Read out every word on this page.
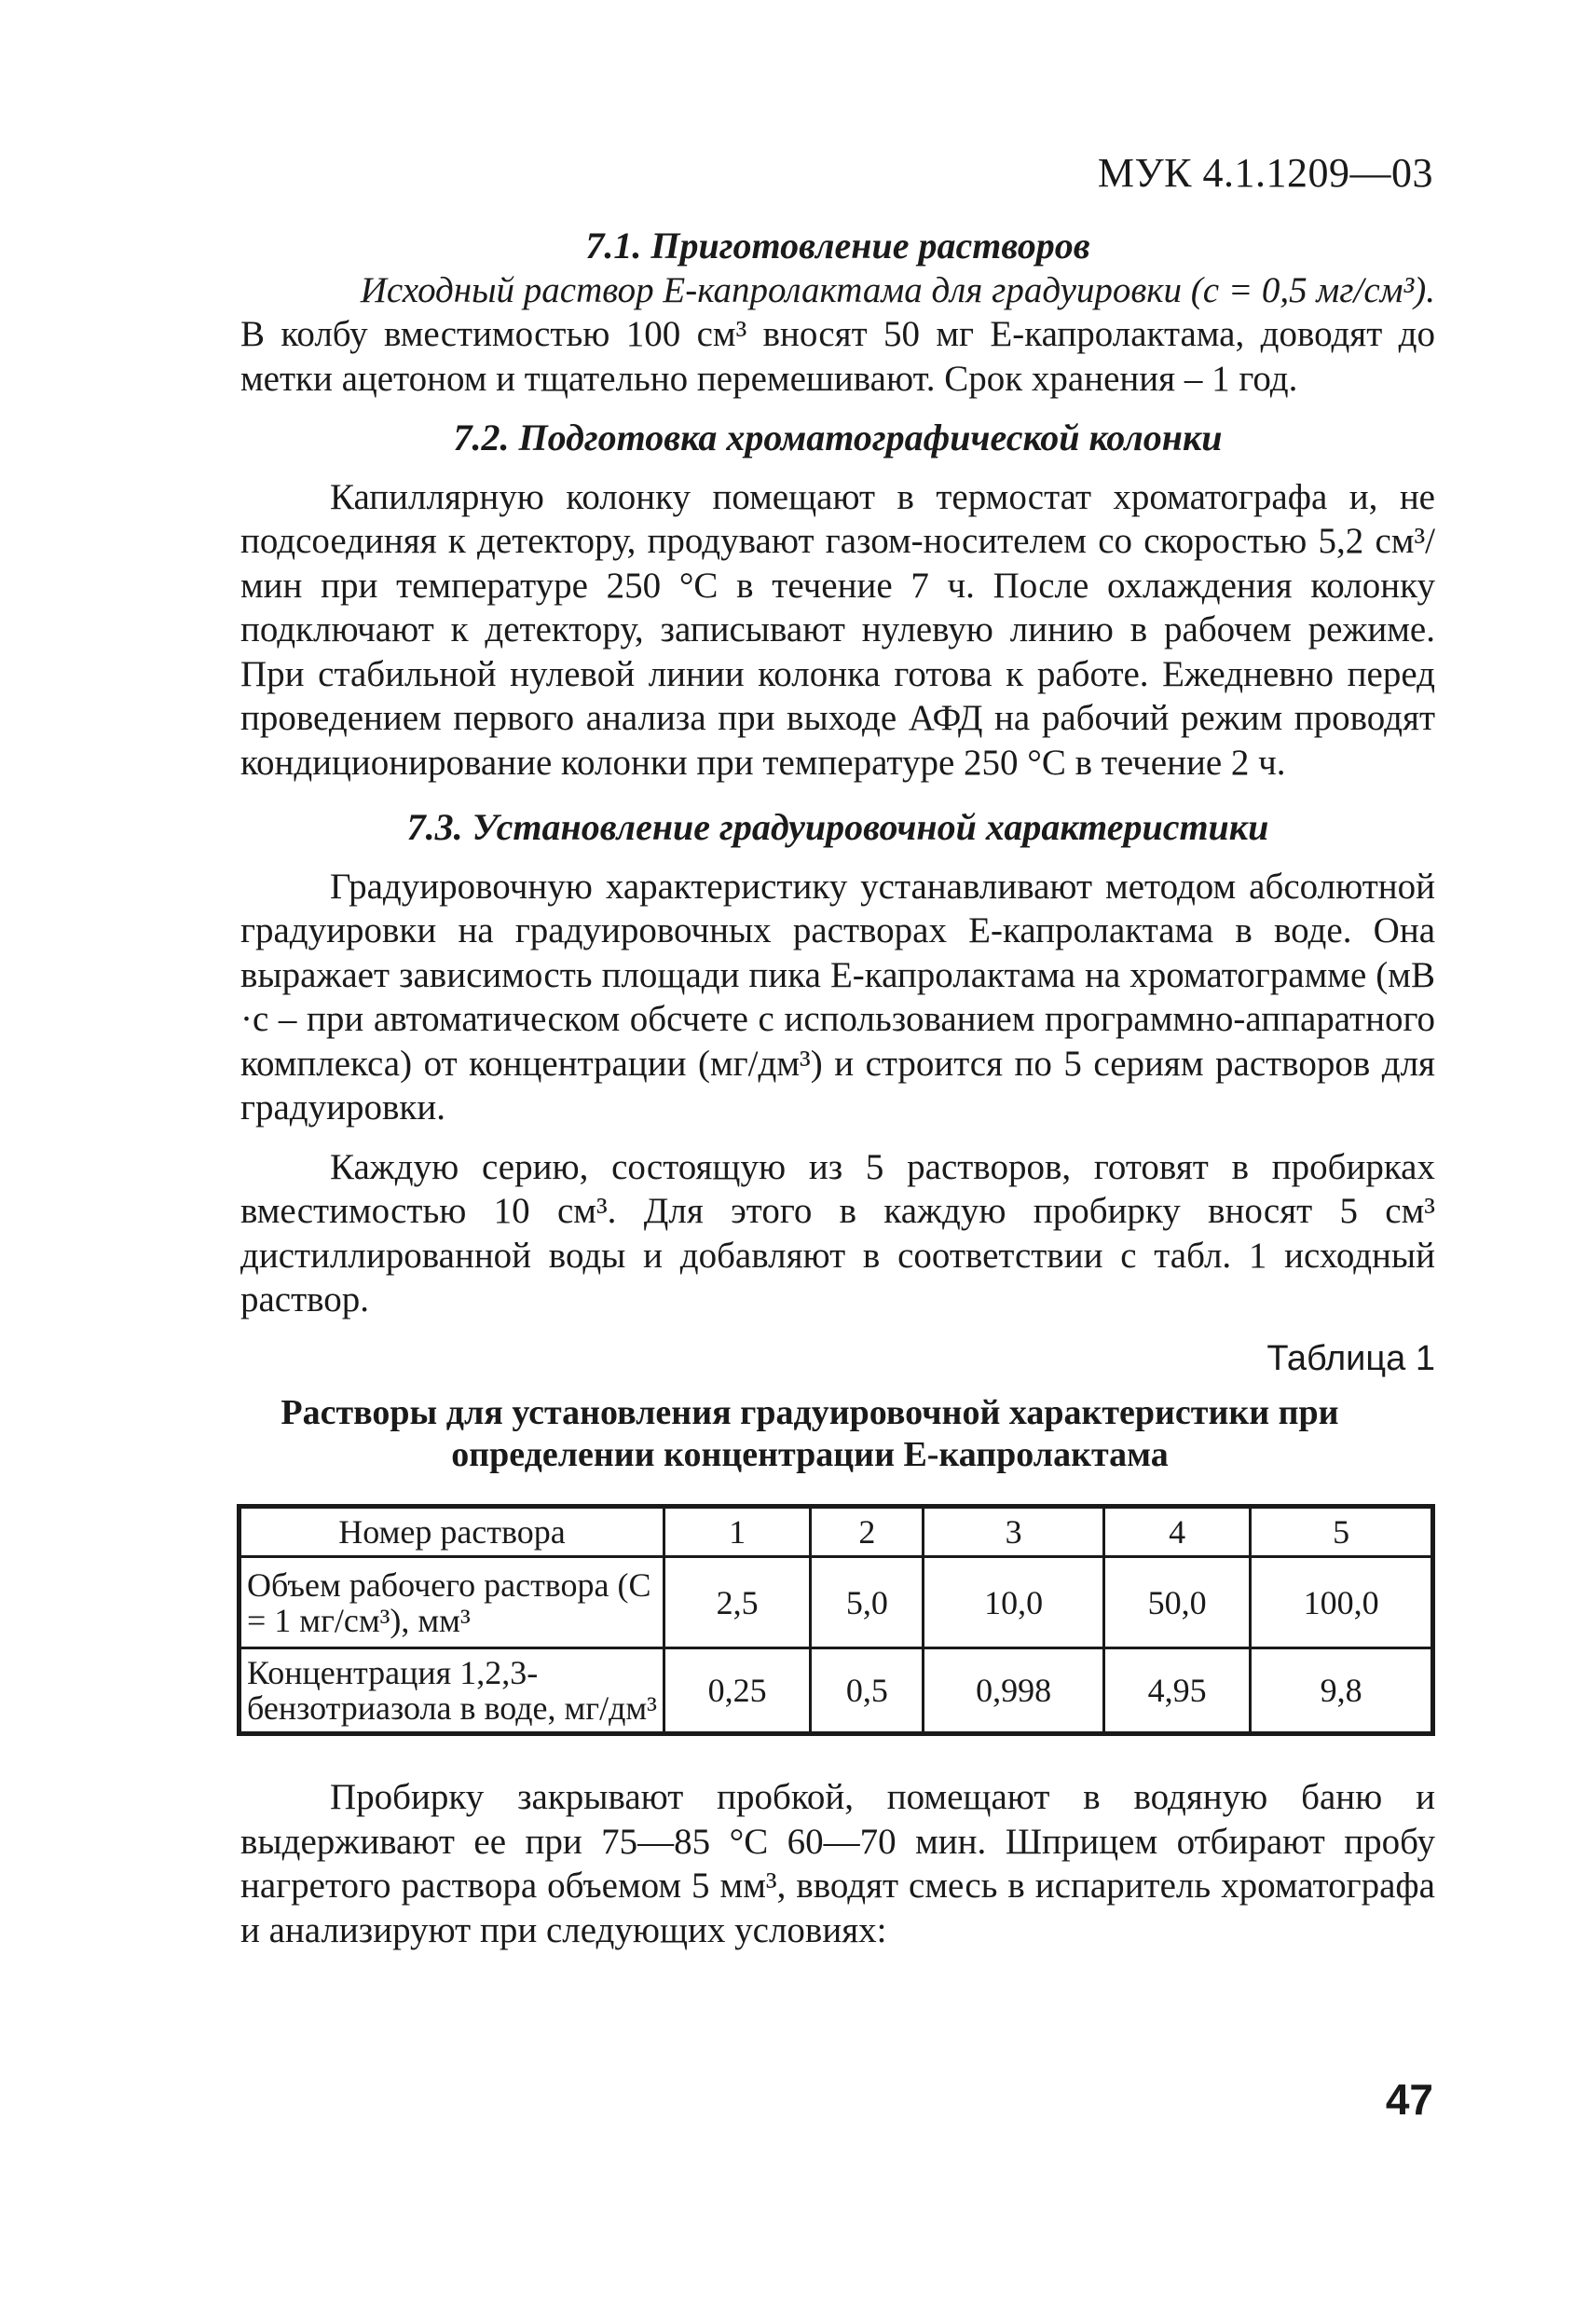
МУК 4.1.1209—03

7.1. Приготовление растворов

Исходный раствор Е-капролактама для градуировки (c = 0,5 мг/см³).

В колбу вместимостью 100 см³ вносят 50 мг Е-капролактама, доводят до метки ацетоном и тщательно перемешивают. Срок хранения – 1 год.

7.2. Подготовка хроматографической колонки

Капиллярную колонку помещают в термостат хроматографа и, не подсоединяя к детектору, продувают газом-носителем со скоростью 5,2 см³/мин при температуре 250 °С в течение 7 ч. После охлаждения колонку подключают к детектору, записывают нулевую линию в рабочем режиме. При стабильной нулевой линии колонка готова к работе. Ежедневно перед проведением первого анализа при выходе АФД на рабочий режим проводят кондиционирование колонки при температуре 250 °С в течение 2 ч.

7.3. Установление градуировочной характеристики

Градуировочную характеристику устанавливают методом абсолютной градуировки на градуировочных растворах Е-капролактама в воде. Она выражает зависимость площади пика Е-капролактама на хроматограмме (мВ ·с – при автоматическом обсчете с использованием программно-аппаратного комплекса) от концентрации (мг/дм³) и строится по 5 сериям растворов для градуировки.

Каждую серию, состоящую из 5 растворов, готовят в пробирках вместимостью 10 см³. Для этого в каждую пробирку вносят 5 см³ дистиллированной воды и добавляют в соответствии с табл. 1 исходный раствор.

Таблица 1

Растворы для установления градуировочной характеристики при определении концентрации Е-капролактама

Номер раствора	1	2	3	4	5
Объем рабочего раствора (C = 1 мг/см³), мм³	2,5	5,0	10,0	50,0	100,0
Концентрация 1,2,3-бензотриазола в воде, мг/дм³	0,25	0,5	0,998	4,95	9,8

Пробирку закрывают пробкой, помещают в водяную баню и выдерживают ее при 75—85 °С 60—70 мин. Шприцем отбирают пробу нагретого раствора объемом 5 мм³, вводят смесь в испаритель хроматографа и анализируют при следующих условиях:

47
